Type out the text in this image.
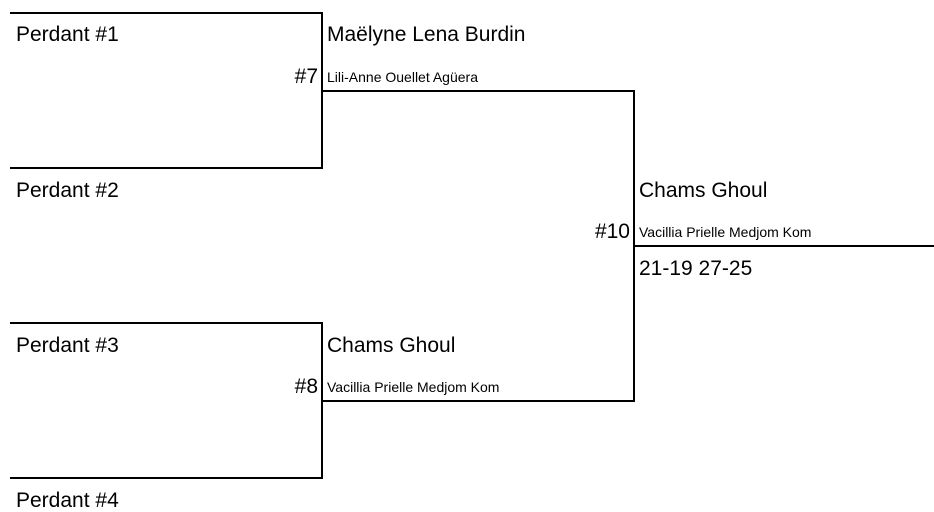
Perdant #1
Perdant #2
Perdant #3
Perdant #4
#7
Maëlyne Lena Burdin
Lili-Anne Ouellet Agüera
#8
Chams Ghoul
Vacillia Prielle Medjom Kom
#10
Chams Ghoul
Vacillia Prielle Medjom Kom
21-19 27-25
